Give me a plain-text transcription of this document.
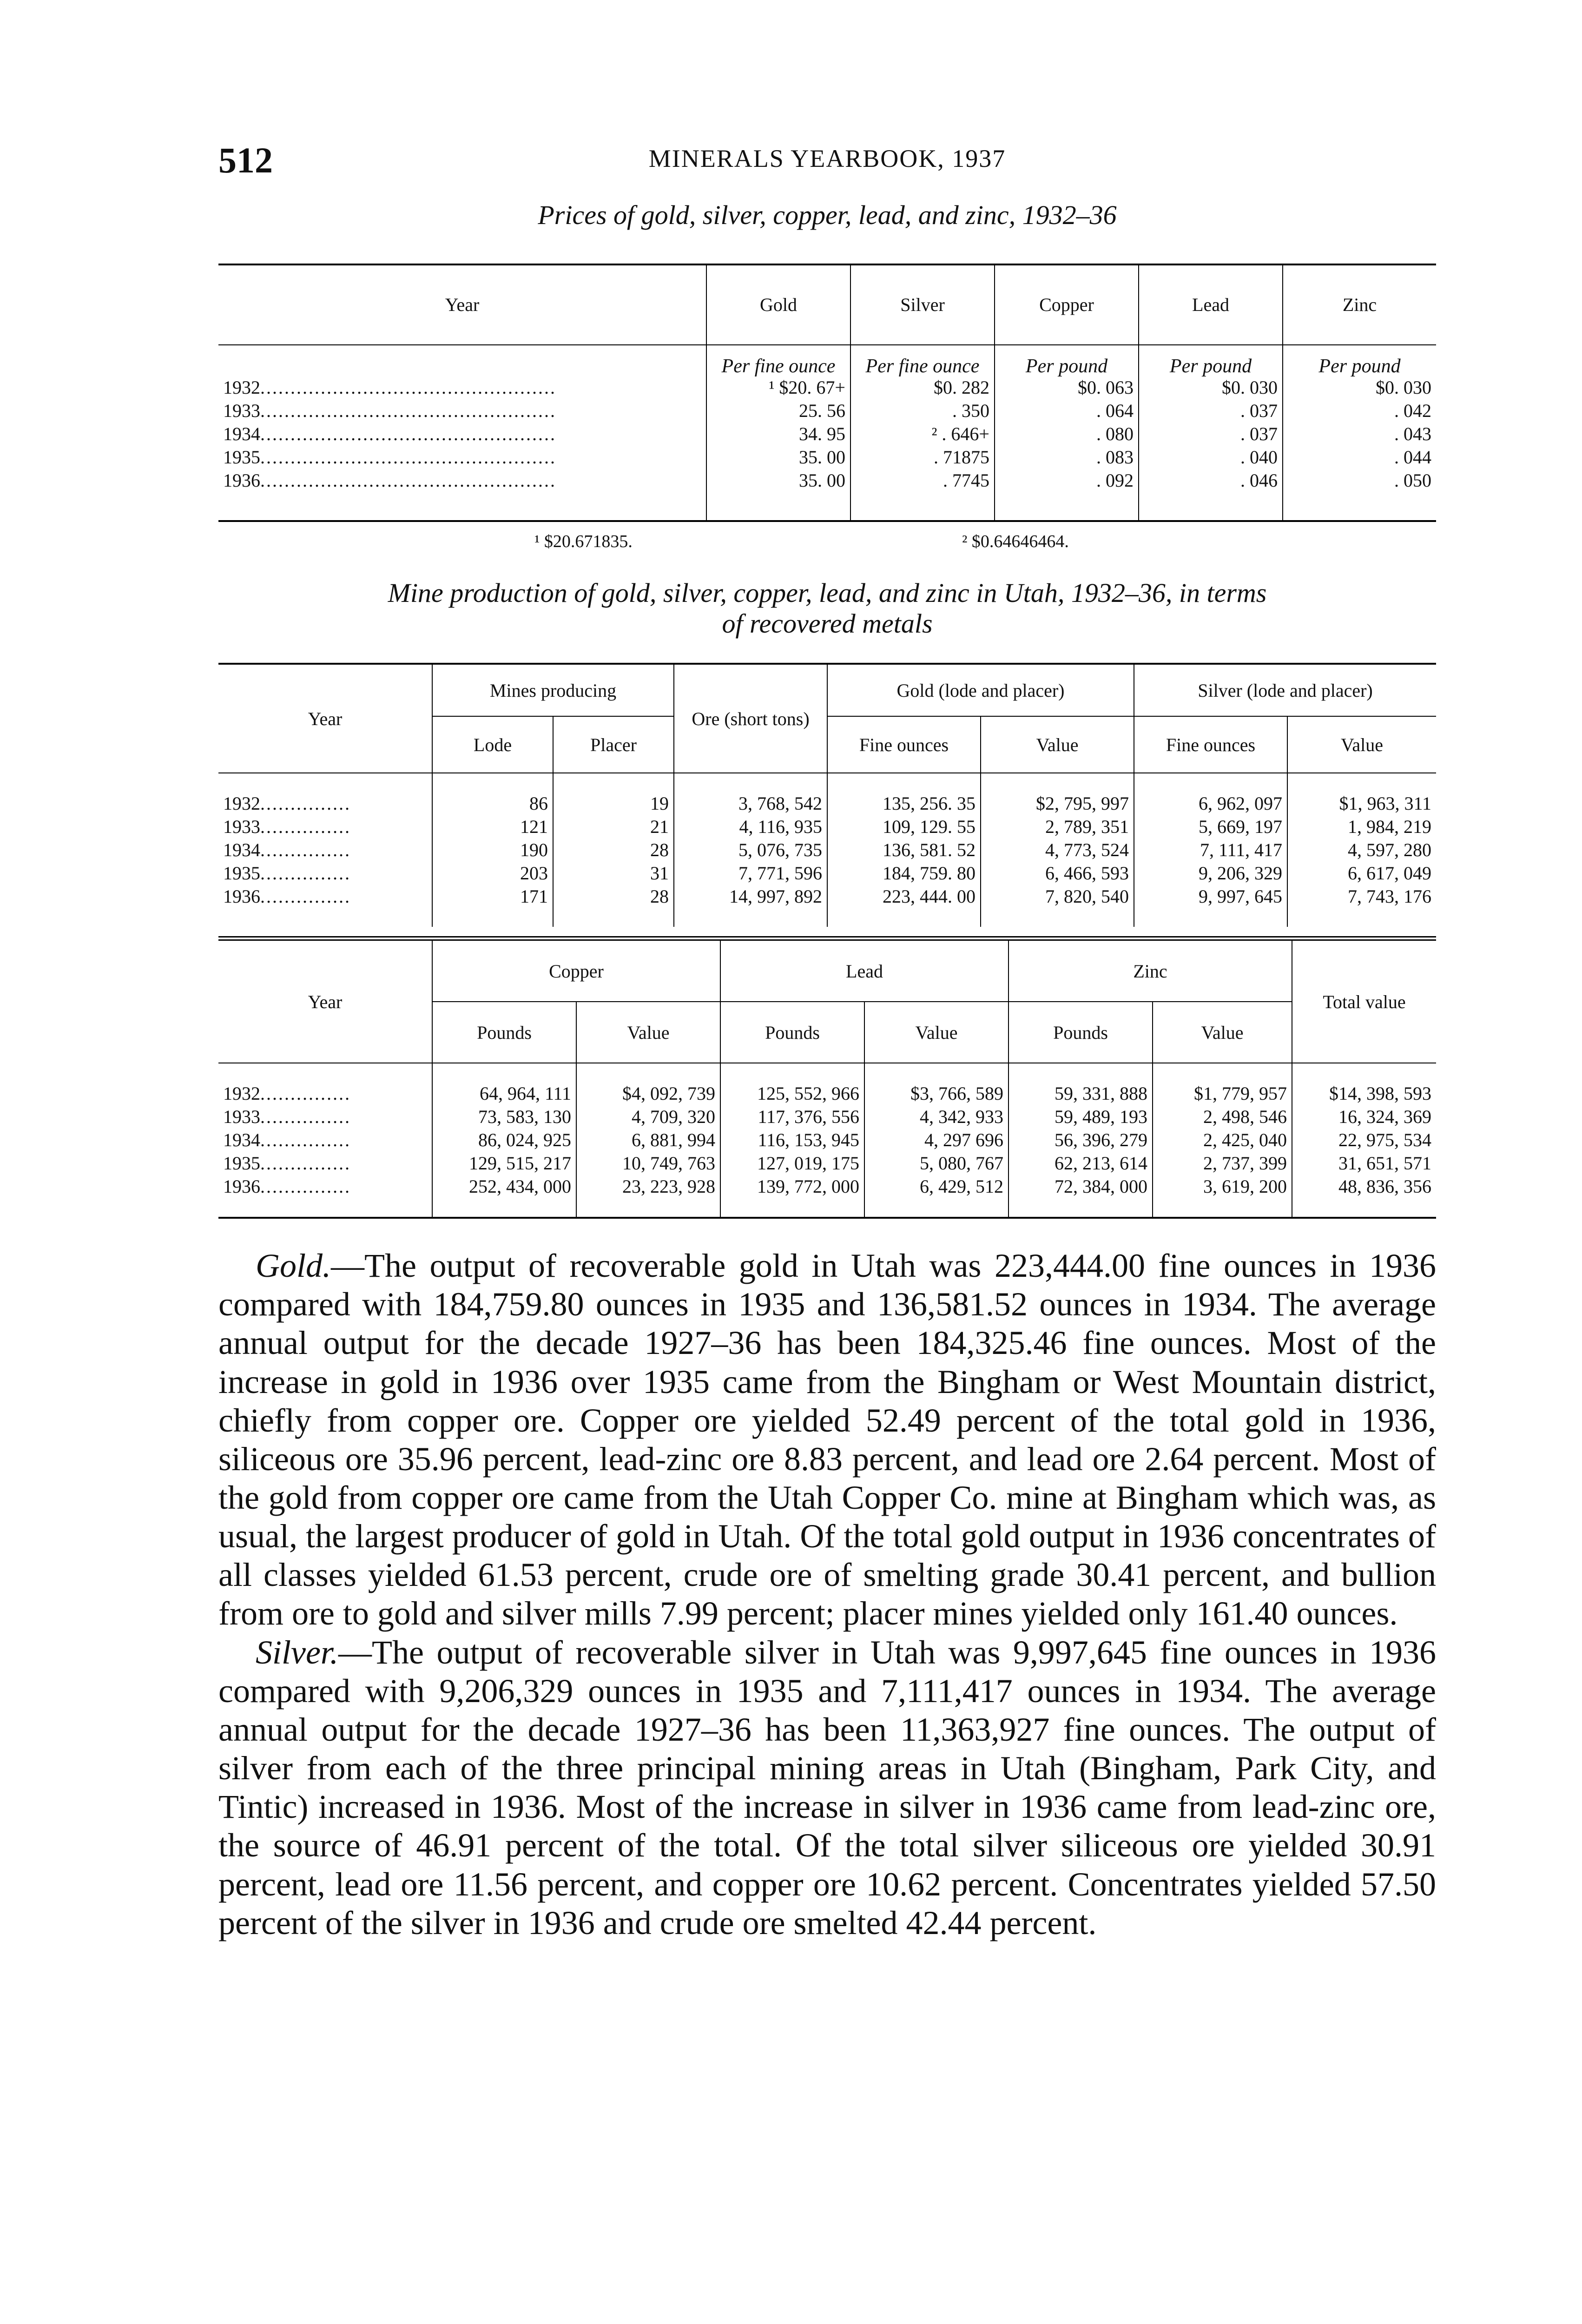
512	MINERALS YEARBOOK, 1937
Prices of gold, silver, copper, lead, and zinc, 1932–36
Year	Gold	Silver	Copper	Lead	Zinc
	Per fine ounce	Per fine ounce	Per pound	Per pound	Per pound
1932.................................................	¹ $20. 67+	$0. 282	$0. 063	$0. 030	$0. 030
1933.................................................	25. 56	. 350	. 064	. 037	. 042
1934.................................................	34. 95	² . 646+	. 080	. 037	. 043
1935.................................................	35. 00	. 71875	. 083	. 040	. 044
1936.................................................	35. 00	. 7745	. 092	. 046	. 050

¹ $20.671835.	² $0.64646464.
Mine production of gold, silver, copper, lead, and zinc in Utah, 1932–36, in terms
of recovered metals
Year	Mines producing		Ore (short tons)	Gold (lode and placer)		Silver (lode and placer)	
	Lode	Placer		Fine ounces	Value	Fine ounces	Value

1932...............	86	19	3, 768, 542	135, 256. 35	$2, 795, 997	6, 962, 097	$1, 963, 311
1933...............	121	21	4, 116, 935	109, 129. 55	2, 789, 351	5, 669, 197	1, 984, 219
1934...............	190	28	5, 076, 735	136, 581. 52	4, 773, 524	7, 111, 417	4, 597, 280
1935...............	203	31	7, 771, 596	184, 759. 80	6, 466, 593	9, 206, 329	6, 617, 049
1936...............	171	28	14, 997, 892	223, 444. 00	7, 820, 540	9, 997, 645	7, 743, 176
Year	Copper		Lead		Zinc		Total value
	Pounds	Value	Pounds	Value	Pounds	Value	

1932...............	64, 964, 111	$4, 092, 739	125, 552, 966	$3, 766, 589	59, 331, 888	$1, 779, 957	$14, 398, 593
1933...............	73, 583, 130	4, 709, 320	117, 376, 556	4, 342, 933	59, 489, 193	2, 498, 546	16, 324, 369
1934...............	86, 024, 925	6, 881, 994	116, 153, 945	4, 297 696	56, 396, 279	2, 425, 040	22, 975, 534
1935...............	129, 515, 217	10, 749, 763	127, 019, 175	5, 080, 767	62, 213, 614	2, 737, 399	31, 651, 571
1936...............	252, 434, 000	23, 223, 928	139, 772, 000	6, 429, 512	72, 384, 000	3, 619, 200	48, 836, 356

Gold.—The output of recoverable gold in Utah was 223,444.00 fine ounces in 1936 compared with 184,759.80 ounces in 1935 and 136,581.52 ounces in 1934. The average annual output for the decade 1927–36 has been 184,325.46 fine ounces. Most of the increase in gold in 1936 over 1935 came from the Bingham or West Mountain district, chiefly from copper ore. Copper ore yielded 52.49 percent of the total gold in 1936, siliceous ore 35.96 percent, lead-zinc ore 8.83 percent, and lead ore 2.64 percent. Most of the gold from copper ore came from the Utah Copper Co. mine at Bingham which was, as usual, the largest producer of gold in Utah. Of the total gold output in 1936 concentrates of all classes yielded 61.53 percent, crude ore of smelting grade 30.41 percent, and bullion from ore to gold and silver mills 7.99 percent; placer mines yielded only 161.40 ounces.

Silver.—The output of recoverable silver in Utah was 9,997,645 fine ounces in 1936 compared with 9,206,329 ounces in 1935 and 7,111,417 ounces in 1934. The average annual output for the decade 1927–36 has been 11,363,927 fine ounces. The output of silver from each of the three principal mining areas in Utah (Bingham, Park City, and Tintic) increased in 1936. Most of the increase in silver in 1936 came from lead-zinc ore, the source of 46.91 percent of the total. Of the total silver siliceous ore yielded 30.91 percent, lead ore 11.56 percent, and copper ore 10.62 percent. Concentrates yielded 57.50 percent of the silver in 1936 and crude ore smelted 42.44 percent.
